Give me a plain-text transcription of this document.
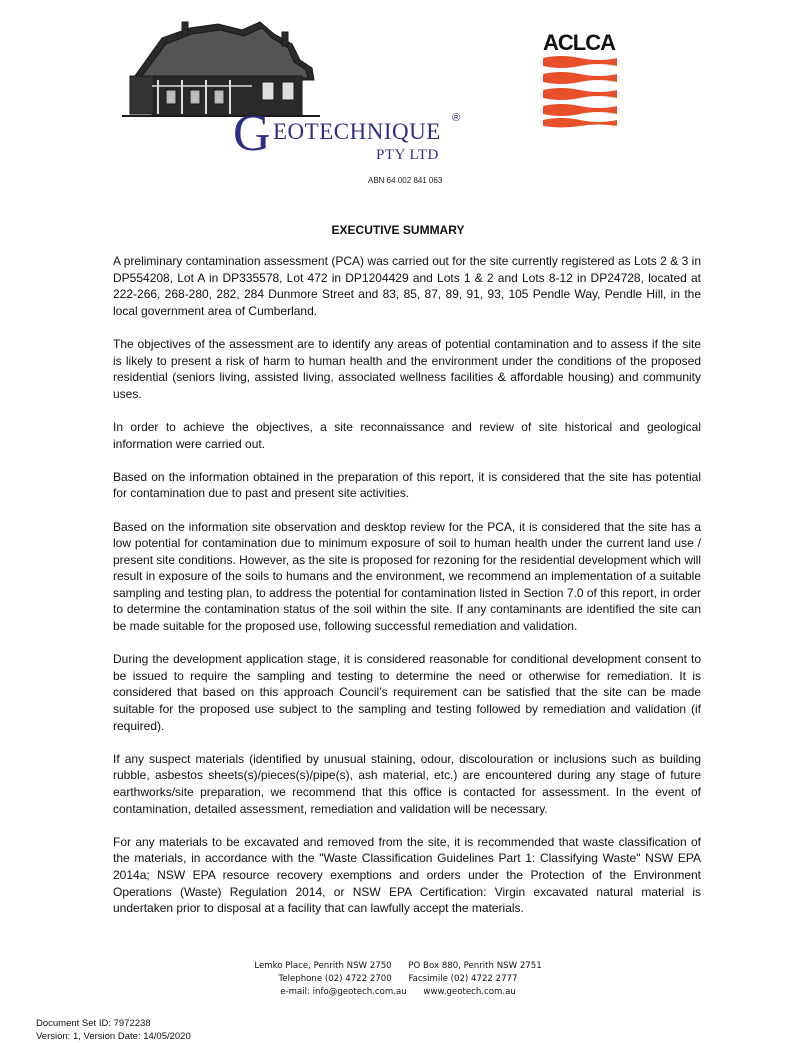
G EOTECHNIQUE
®
PTY LTD
ABN 64 002 841 063
ACLCA
EXECUTIVE SUMMARY

A preliminary contamination assessment (PCA) was carried out for the site currently registered as Lots 2 & 3 in DP554208, Lot A in DP335578, Lot 472 in DP1204429 and Lots 1 & 2 and Lots 8-12 in DP24728, located at 222-266, 268-280, 282, 284 Dunmore Street and 83, 85, 87, 89, 91, 93, 105 Pendle Way, Pendle Hill, in the local government area of Cumberland.

The objectives of the assessment are to identify any areas of potential contamination and to assess if the site is likely to present a risk of harm to human health and the environment under the conditions of the proposed residential (seniors living, assisted living, associated wellness facilities & affordable housing) and community uses.

In order to achieve the objectives, a site reconnaissance and review of site historical and geological information were carried out.

Based on the information obtained in the preparation of this report, it is considered that the site has potential for contamination due to past and present site activities.

Based on the information site observation and desktop review for the PCA, it is considered that the site has a low potential for contamination due to minimum exposure of soil to human health under the current land use / present site conditions. However, as the site is proposed for rezoning for the residential development which will result in exposure of the soils to humans and the environment, we recommend an implementation of a suitable sampling and testing plan, to address the potential for contamination listed in Section 7.0 of this report, in order to determine the contamination status of the soil within the site. If any contaminants are identified the site can be made suitable for the proposed use, following successful remediation and validation.

During the development application stage, it is considered reasonable for conditional development consent to be issued to require the sampling and testing to determine the need or otherwise for remediation. It is considered that based on this approach Council’s requirement can be satisfied that the site can be made suitable for the proposed use subject to the sampling and testing followed by remediation and validation (if required).

If any suspect materials (identified by unusual staining, odour, discolouration or inclusions such as building rubble, asbestos sheets(s)/pieces(s)/pipe(s), ash material, etc.) are encountered during any stage of future earthworks/site preparation, we recommend that this office is contacted for assessment. In the event of contamination, detailed assessment, remediation and validation will be necessary.

For any materials to be excavated and removed from the site, it is recommended that waste classification of the materials, in accordance with the "Waste Classification Guidelines Part 1: Classifying Waste" NSW EPA 2014a; NSW EPA resource recovery exemptions and orders under the Protection of the Environment Operations (Waste) Regulation 2014, or NSW EPA Certification: Virgin excavated natural material is undertaken prior to disposal at a facility that can lawfully accept the materials.

Lemko Place, Penrith NSW 2750 PO Box 880, Penrith NSW 2751
Telephone (02) 4722 2700 Facsimile (02) 4722 2777
e-mail: info@geotech.com.au www.geotech.com.au
Document Set ID: 7972238
Version: 1, Version Date: 14/05/2020
